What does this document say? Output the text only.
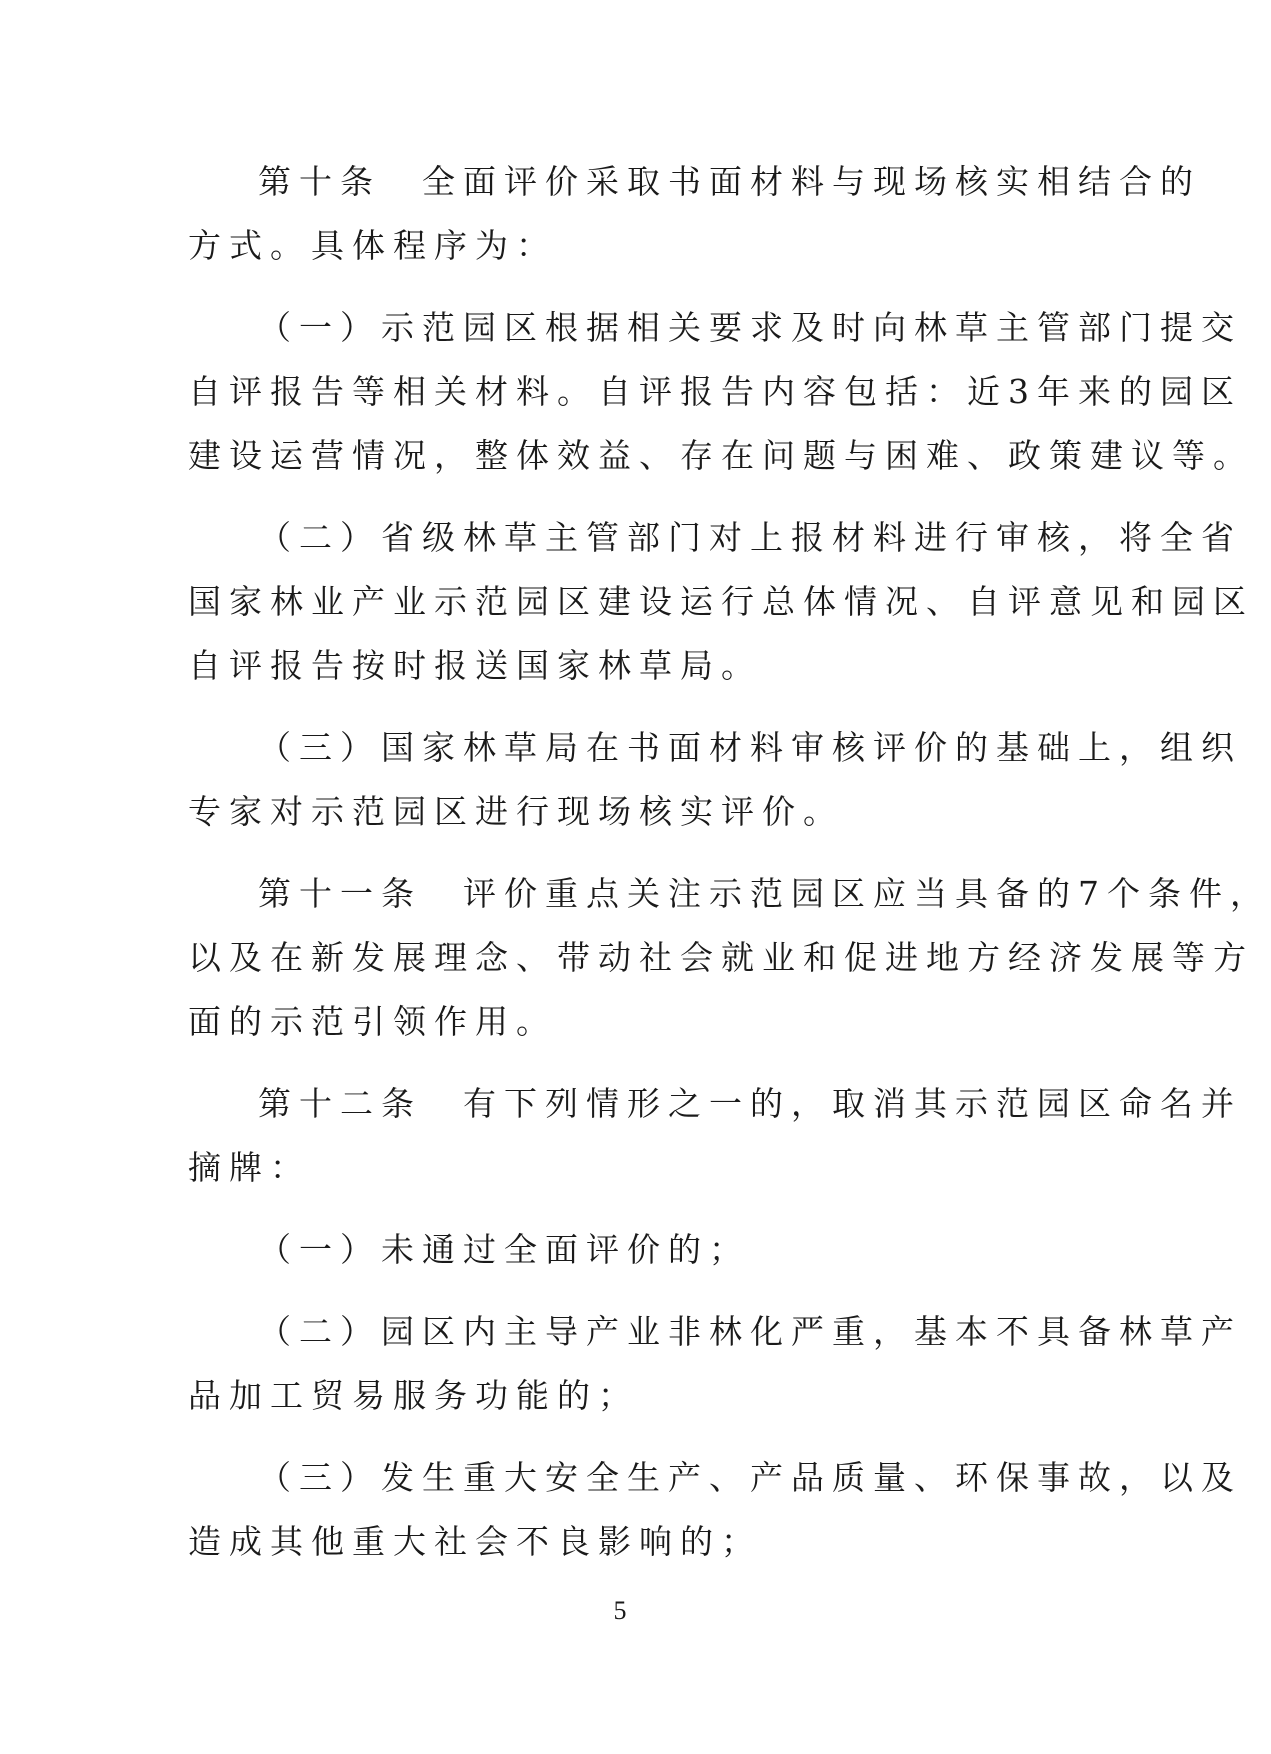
第十条　全面评价采取书面材料与现场核实相结合的
方式。具体程序为：
（一）示范园区根据相关要求及时向林草主管部门提交
自评报告等相关材料。自评报告内容包括：近3年来的园区
建设运营情况，整体效益、存在问题与困难、政策建议等。
（二）省级林草主管部门对上报材料进行审核，将全省
国家林业产业示范园区建设运行总体情况、自评意见和园区
自评报告按时报送国家林草局。
（三）国家林草局在书面材料审核评价的基础上，组织
专家对示范园区进行现场核实评价。
第十一条　评价重点关注示范园区应当具备的7个条件，
以及在新发展理念、带动社会就业和促进地方经济发展等方
面的示范引领作用。
第十二条　有下列情形之一的，取消其示范园区命名并
摘牌：
（一）未通过全面评价的；
（二）园区内主导产业非林化严重，基本不具备林草产
品加工贸易服务功能的；
（三）发生重大安全生产、产品质量、环保事故，以及
造成其他重大社会不良影响的；
5
